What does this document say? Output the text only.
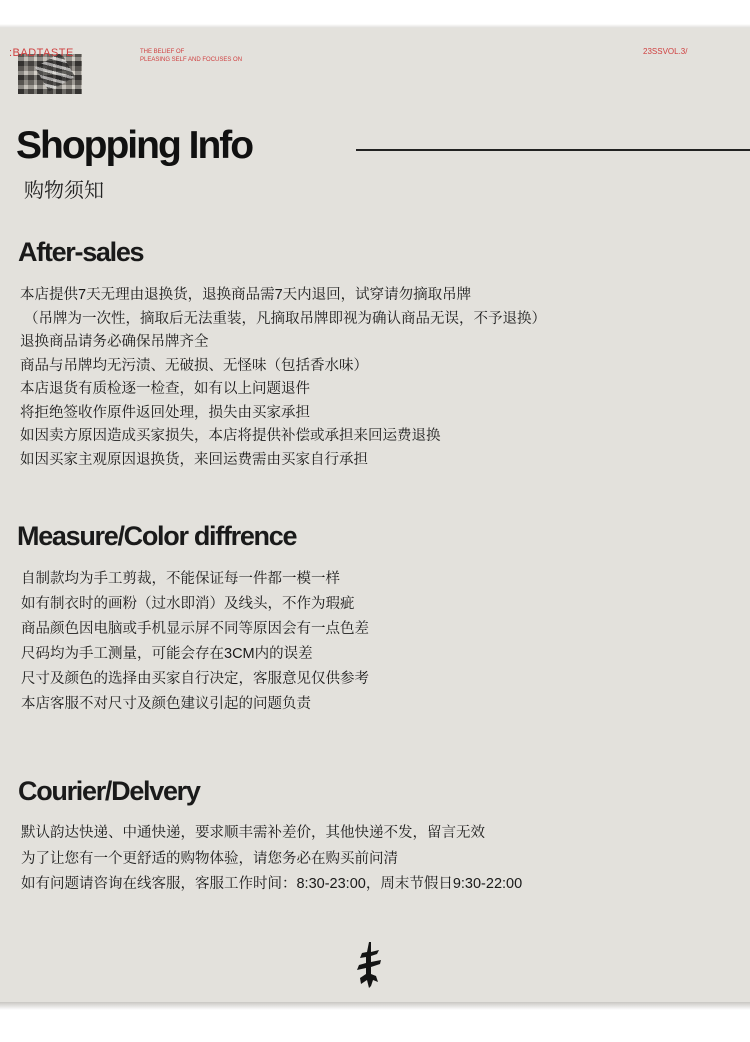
:BADTASTE	THE BELIEF OF
PLEASING SELF AND FOCUSES ON
23SSVOL.3/
Shopping Info
购物须知
After-sales
本店提供7天无理由退换货，退换商品需7天内退回，试穿请勿摘取吊牌
（吊牌为一次性，摘取后无法重装，凡摘取吊牌即视为确认商品无误，不予退换）
退换商品请务必确保吊牌齐全
商品与吊牌均无污渍、无破损、无怪味（包括香水味）
本店退货有质检逐一检查，如有以上问题退件
将拒绝签收作原件返回处理，损失由买家承担
如因卖方原因造成买家损失，本店将提供补偿或承担来回运费退换
如因买家主观原因退换货，来回运费需由买家自行承担
Measure/Color diffrence
自制款均为手工剪裁，不能保证每一件都一模一样
如有制衣时的画粉（过水即消）及线头，不作为瑕疵
商品颜色因电脑或手机显示屏不同等原因会有一点色差
尺码均为手工测量，可能会存在3CM内的误差
尺寸及颜色的选择由买家自行决定，客服意见仅供参考
本店客服不对尺寸及颜色建议引起的问题负责
Courier/Delvery
默认韵达快递、中通快递，要求顺丰需补差价，其他快递不发，留言无效
为了让您有一个更舒适的购物体验，请您务必在购买前问清
如有问题请咨询在线客服，客服工作时间：8:30-23:00，周末节假日9:30-22:00
